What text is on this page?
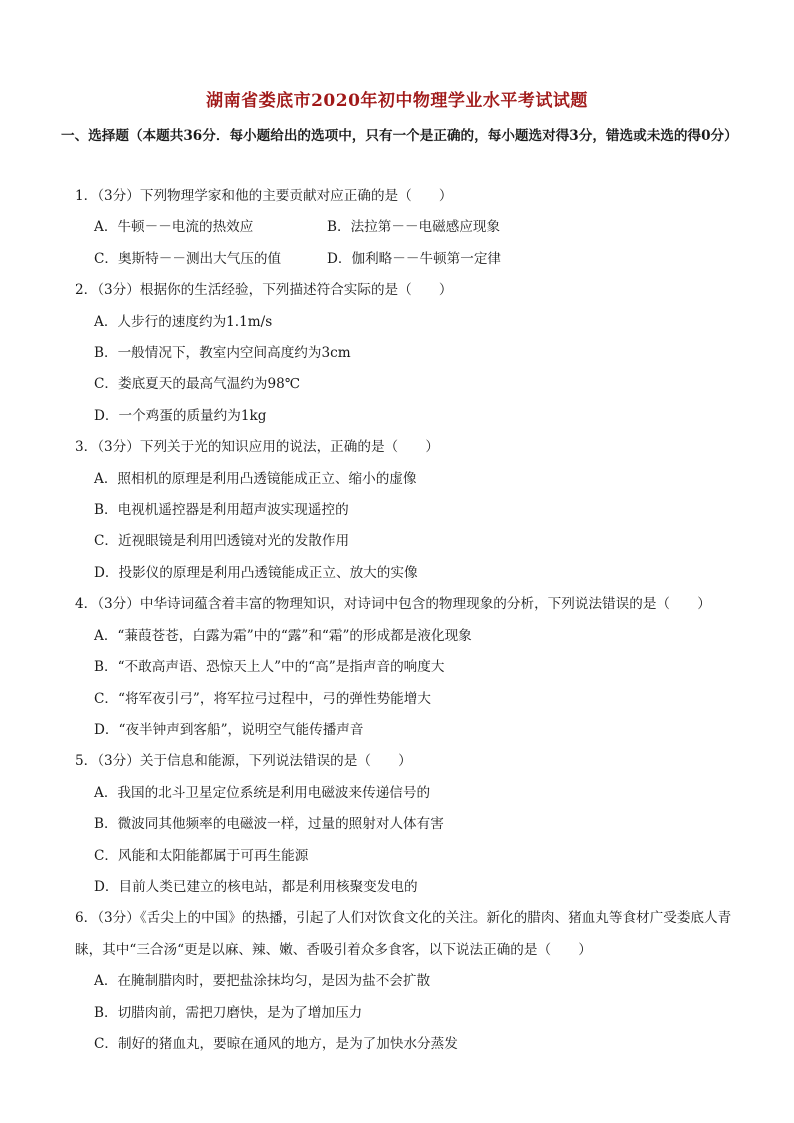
湖南省娄底市2020年初中物理学业水平考试试题
一、选择题（本题共36分．每小题给出的选项中，只有一个是正确的，每小题选对得3分，错选或未选的得0分）
1．（3分）下列物理学家和他的主要贡献对应正确的是（　　）
A．牛顿－－电流的热效应	B．法拉第－－电磁感应现象
C．奥斯特－－测出大气压的值	D．伽利略－－牛顿第一定律
2．（3分）根据你的生活经验，下列描述符合实际的是（　　）
A．人步行的速度约为1.1m/s
B．一般情况下，教室内空间高度约为3cm
C．娄底夏天的最高气温约为98℃
D．一个鸡蛋的质量约为1kg
3．（3分）下列关于光的知识应用的说法，正确的是（　　）
A．照相机的原理是利用凸透镜能成正立、缩小的虚像
B．电视机遥控器是利用超声波实现遥控的
C．近视眼镜是利用凹透镜对光的发散作用
D．投影仪的原理是利用凸透镜能成正立、放大的实像
4．（3分）中华诗词蕴含着丰富的物理知识，对诗词中包含的物理现象的分析，下列说法错误的是（　　）
A．“蒹葭苍苍，白露为霜”中的“露”和“霜”的形成都是液化现象
B．“不敢高声语、恐惊天上人”中的“高”是指声音的响度大
C．“将军夜引弓”，将军拉弓过程中，弓的弹性势能增大
D．“夜半钟声到客船”，说明空气能传播声音
5．（3分）关于信息和能源，下列说法错误的是（　　）
A．我国的北斗卫星定位系统是利用电磁波来传递信号的
B．微波同其他频率的电磁波一样，过量的照射对人体有害
C．风能和太阳能都属于可再生能源
D．目前人类已建立的核电站，都是利用核聚变发电的
6．（3分）《舌尖上的中国》的热播，引起了人们对饮食文化的关注。新化的腊肉、猪血丸等食材广受娄底人青睐，其中“三合汤“更是以麻、辣、嫩、香吸引着众多食客，以下说法正确的是（　　）
A．在腌制腊肉时，要把盐涂抹均匀，是因为盐不会扩散
B．切腊肉前，需把刀磨快，是为了增加压力
C．制好的猪血丸，要晾在通风的地方，是为了加快水分蒸发
